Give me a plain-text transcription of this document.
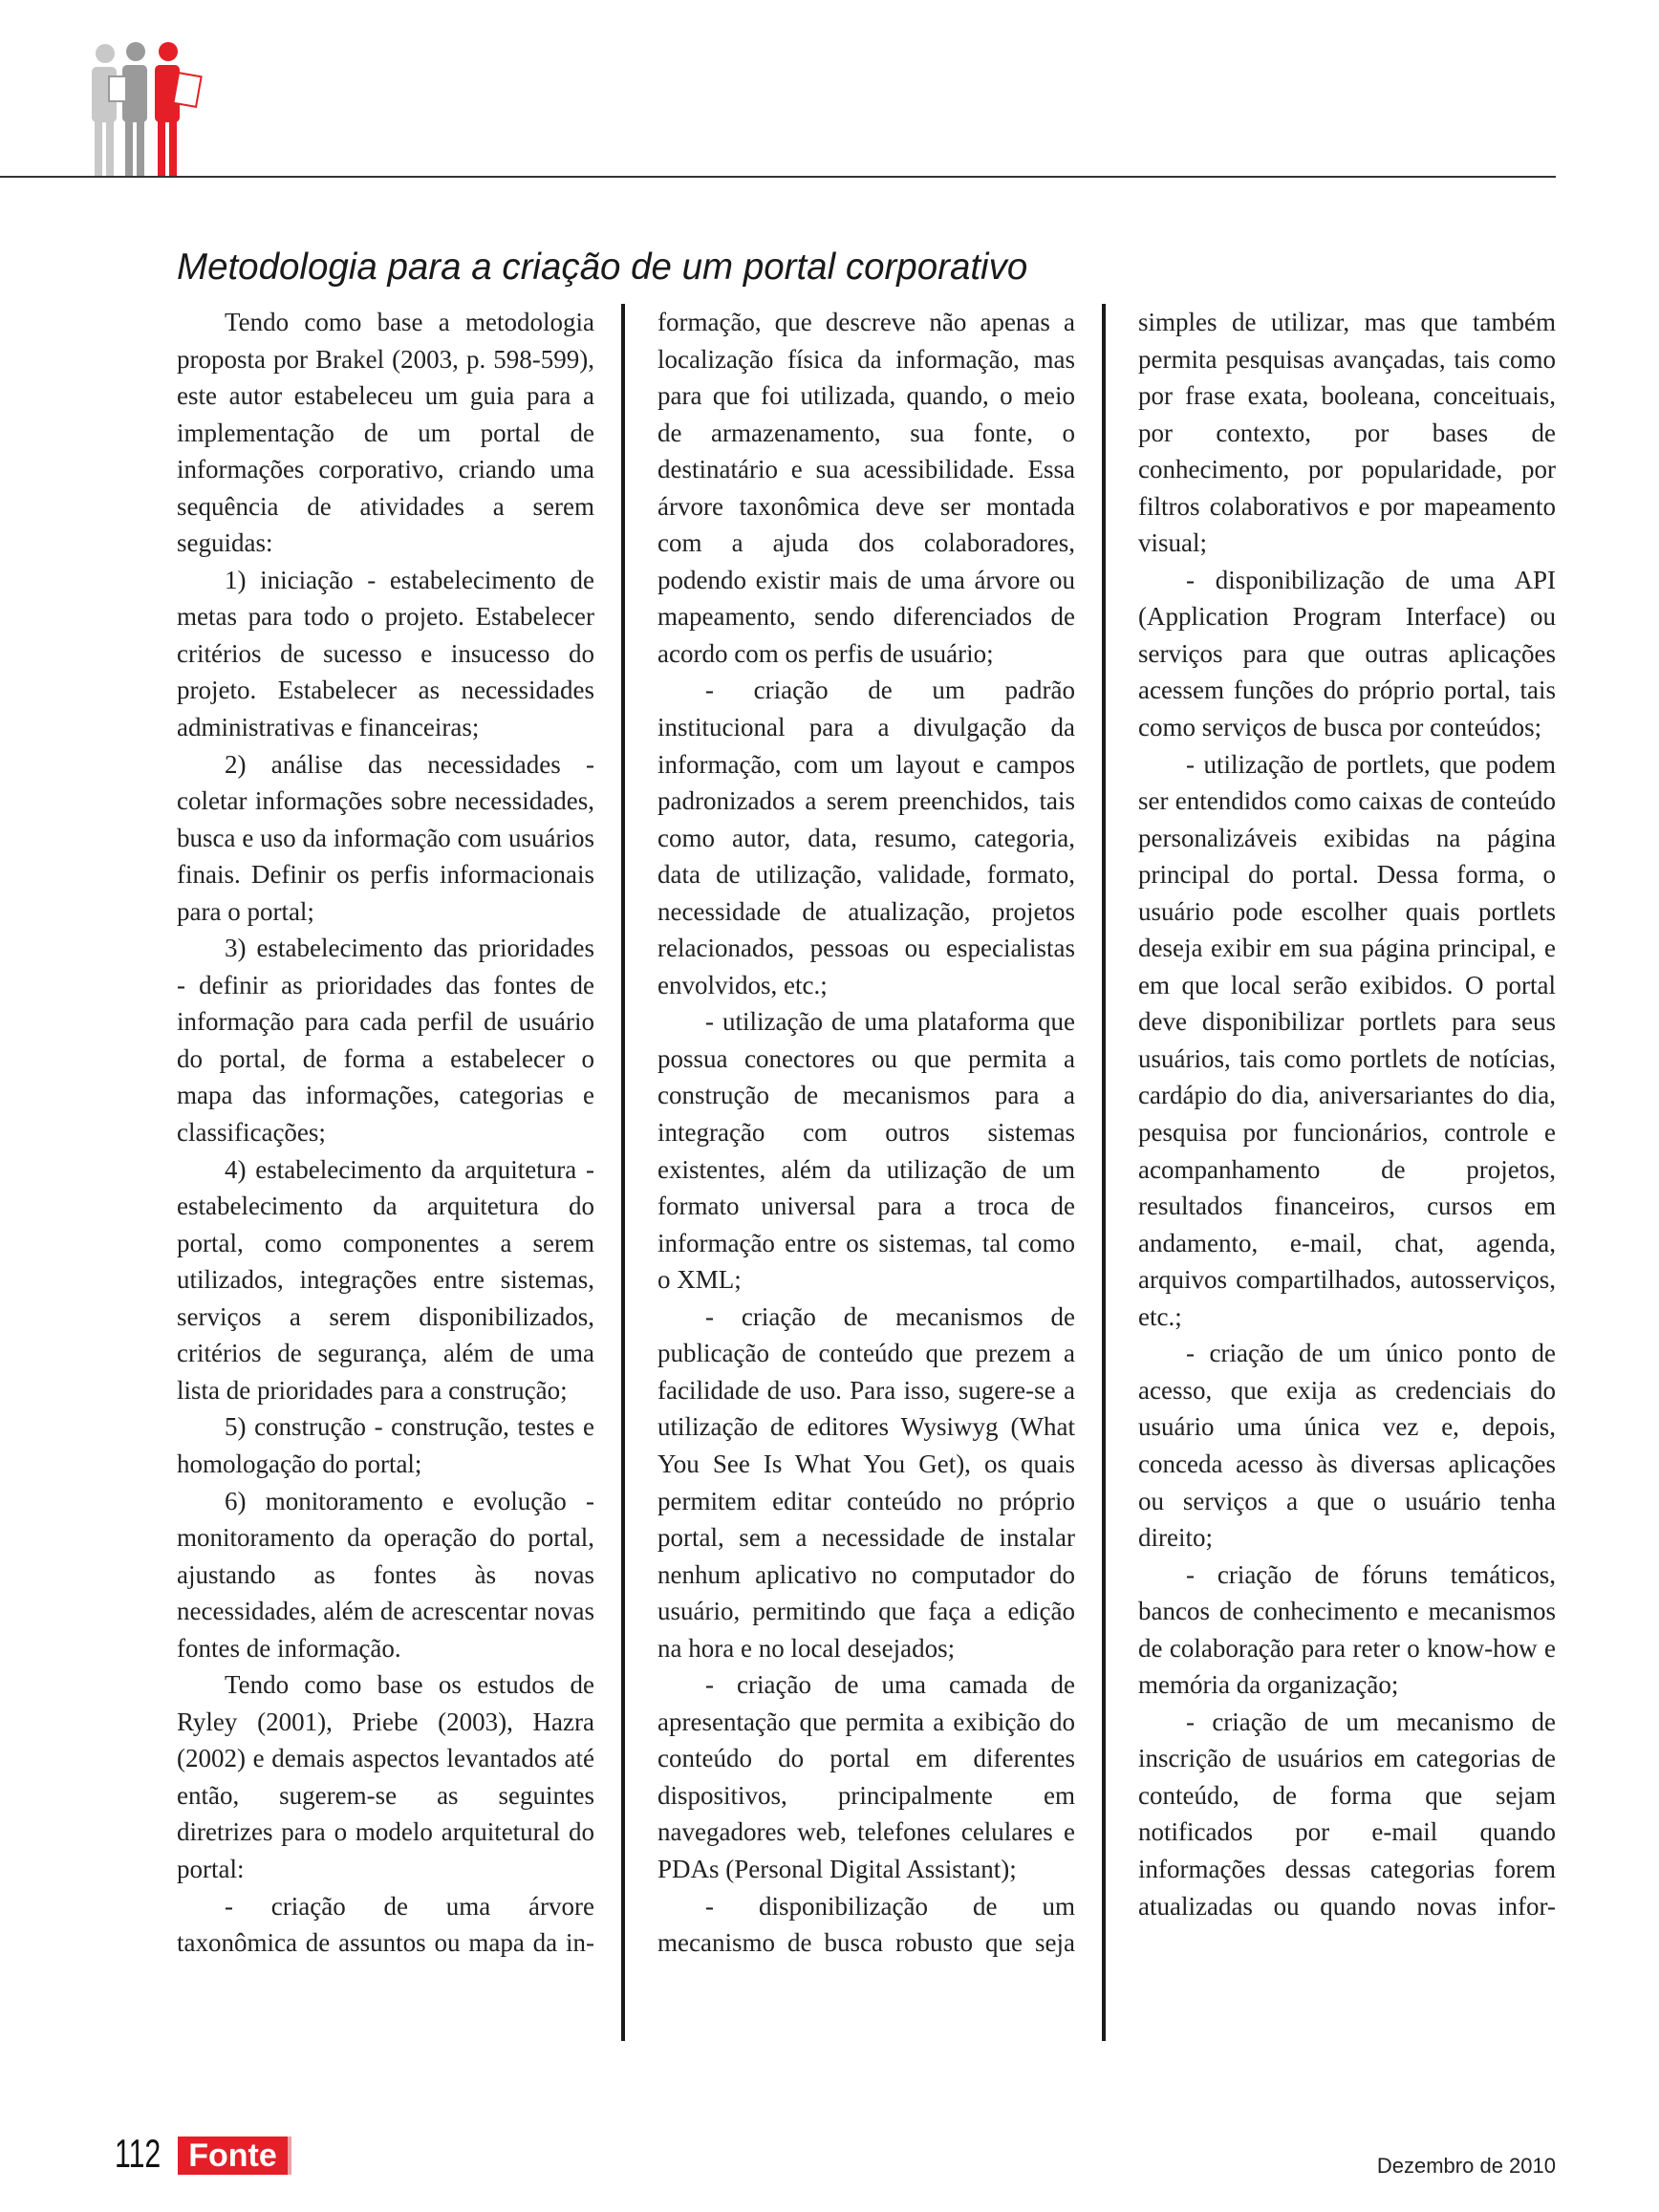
Metodologia para a criação de um portal corporativo

Tendo como base a metodologia proposta por Brakel (2003, p. 598-599), este autor estabeleceu um guia para a implementação de um portal de informações corporativo, criando uma sequência de atividades a serem seguidas:

1) iniciação - estabelecimento de metas para todo o projeto. Estabelecer critérios de sucesso e insucesso do projeto. Estabelecer as necessidades administrativas e financeiras;

2) análise das necessidades - coletar informações sobre necessidades, busca e uso da informação com usuários finais. Definir os perfis informacionais para o portal;

3) estabelecimento das prioridades - definir as prioridades das fontes de informação para cada perfil de usuário do portal, de forma a estabelecer o mapa das informações, categorias e classificações;

4) estabelecimento da arquitetura - estabelecimento da arquitetura do portal, como componentes a serem utilizados, integrações entre sistemas, serviços a serem disponibilizados, critérios de segurança, além de uma lista de prioridades para a construção;

5) construção - construção, testes e homologação do portal;

6) monitoramento e evolução - monitoramento da operação do portal, ajustando as fontes às novas necessidades, além de acrescentar novas fontes de informação.

Tendo como base os estudos de Ryley (2001), Priebe (2003), Hazra (2002) e demais aspectos levantados até então, sugerem-se as seguintes diretrizes para o modelo arquitetural do portal:

- criação de uma árvore taxonômica de assuntos ou mapa da in-

formação, que descreve não apenas a localização física da informação, mas para que foi utilizada, quando, o meio de armazenamento, sua fonte, o destinatário e sua acessibilidade. Essa árvore taxonômica deve ser montada com a ajuda dos colaboradores, podendo existir mais de uma árvore ou mapeamento, sendo diferenciados de acordo com os perfis de usuário;

- criação de um padrão institucional para a divulgação da informação, com um layout e campos padronizados a serem preenchidos, tais como autor, data, resumo, categoria, data de utilização, validade, formato, necessidade de atualização, projetos relacionados, pessoas ou especialistas envolvidos, etc.;

- utilização de uma plataforma que possua conectores ou que permita a construção de mecanismos para a integração com outros sistemas existentes, além da utilização de um formato universal para a troca de informação entre os sistemas, tal como o XML;

- criação de mecanismos de publicação de conteúdo que prezem a facilidade de uso. Para isso, sugere-se a utilização de editores Wysiwyg (What You See Is What You Get), os quais permitem editar conteúdo no próprio portal, sem a necessidade de instalar nenhum aplicativo no computador do usuário, permitindo que faça a edição na hora e no local desejados;

- criação de uma camada de apresentação que permita a exibição do conteúdo do portal em diferentes dispositivos, principalmente em navegadores web, telefones celulares e PDAs (Personal Digital Assistant);

- disponibilização de um mecanismo de busca robusto que seja

simples de utilizar, mas que também permita pesquisas avançadas, tais como por frase exata, booleana, conceituais, por contexto, por bases de conhecimento, por popularidade, por filtros colaborativos e por mapeamento visual;

- disponibilização de uma API (Application Program Interface) ou serviços para que outras aplicações acessem funções do próprio portal, tais como serviços de busca por conteúdos;

- utilização de portlets, que podem ser entendidos como caixas de conteúdo personalizáveis exibidas na página principal do portal. Dessa forma, o usuário pode escolher quais portlets deseja exibir em sua página principal, e em que local serão exibidos. O portal deve disponibilizar portlets para seus usuários, tais como portlets de notícias, cardápio do dia, aniversariantes do dia, pesquisa por funcionários, controle e acompanhamento de projetos, resultados financeiros, cursos em andamento, e-mail, chat, agenda, arquivos compartilhados, autosserviços, etc.;

- criação de um único ponto de acesso, que exija as credenciais do usuário uma única vez e, depois, conceda acesso às diversas aplicações ou serviços a que o usuário tenha direito;

- criação de fóruns temáticos, bancos de conhecimento e mecanismos de colaboração para reter o know-how e memória da organização;

- criação de um mecanismo de inscrição de usuários em categorias de conteúdo, de forma que sejam notificados por e-mail quando informações dessas categorias forem atualizadas ou quando novas infor-

112 Fonte	Dezembro de 2010
